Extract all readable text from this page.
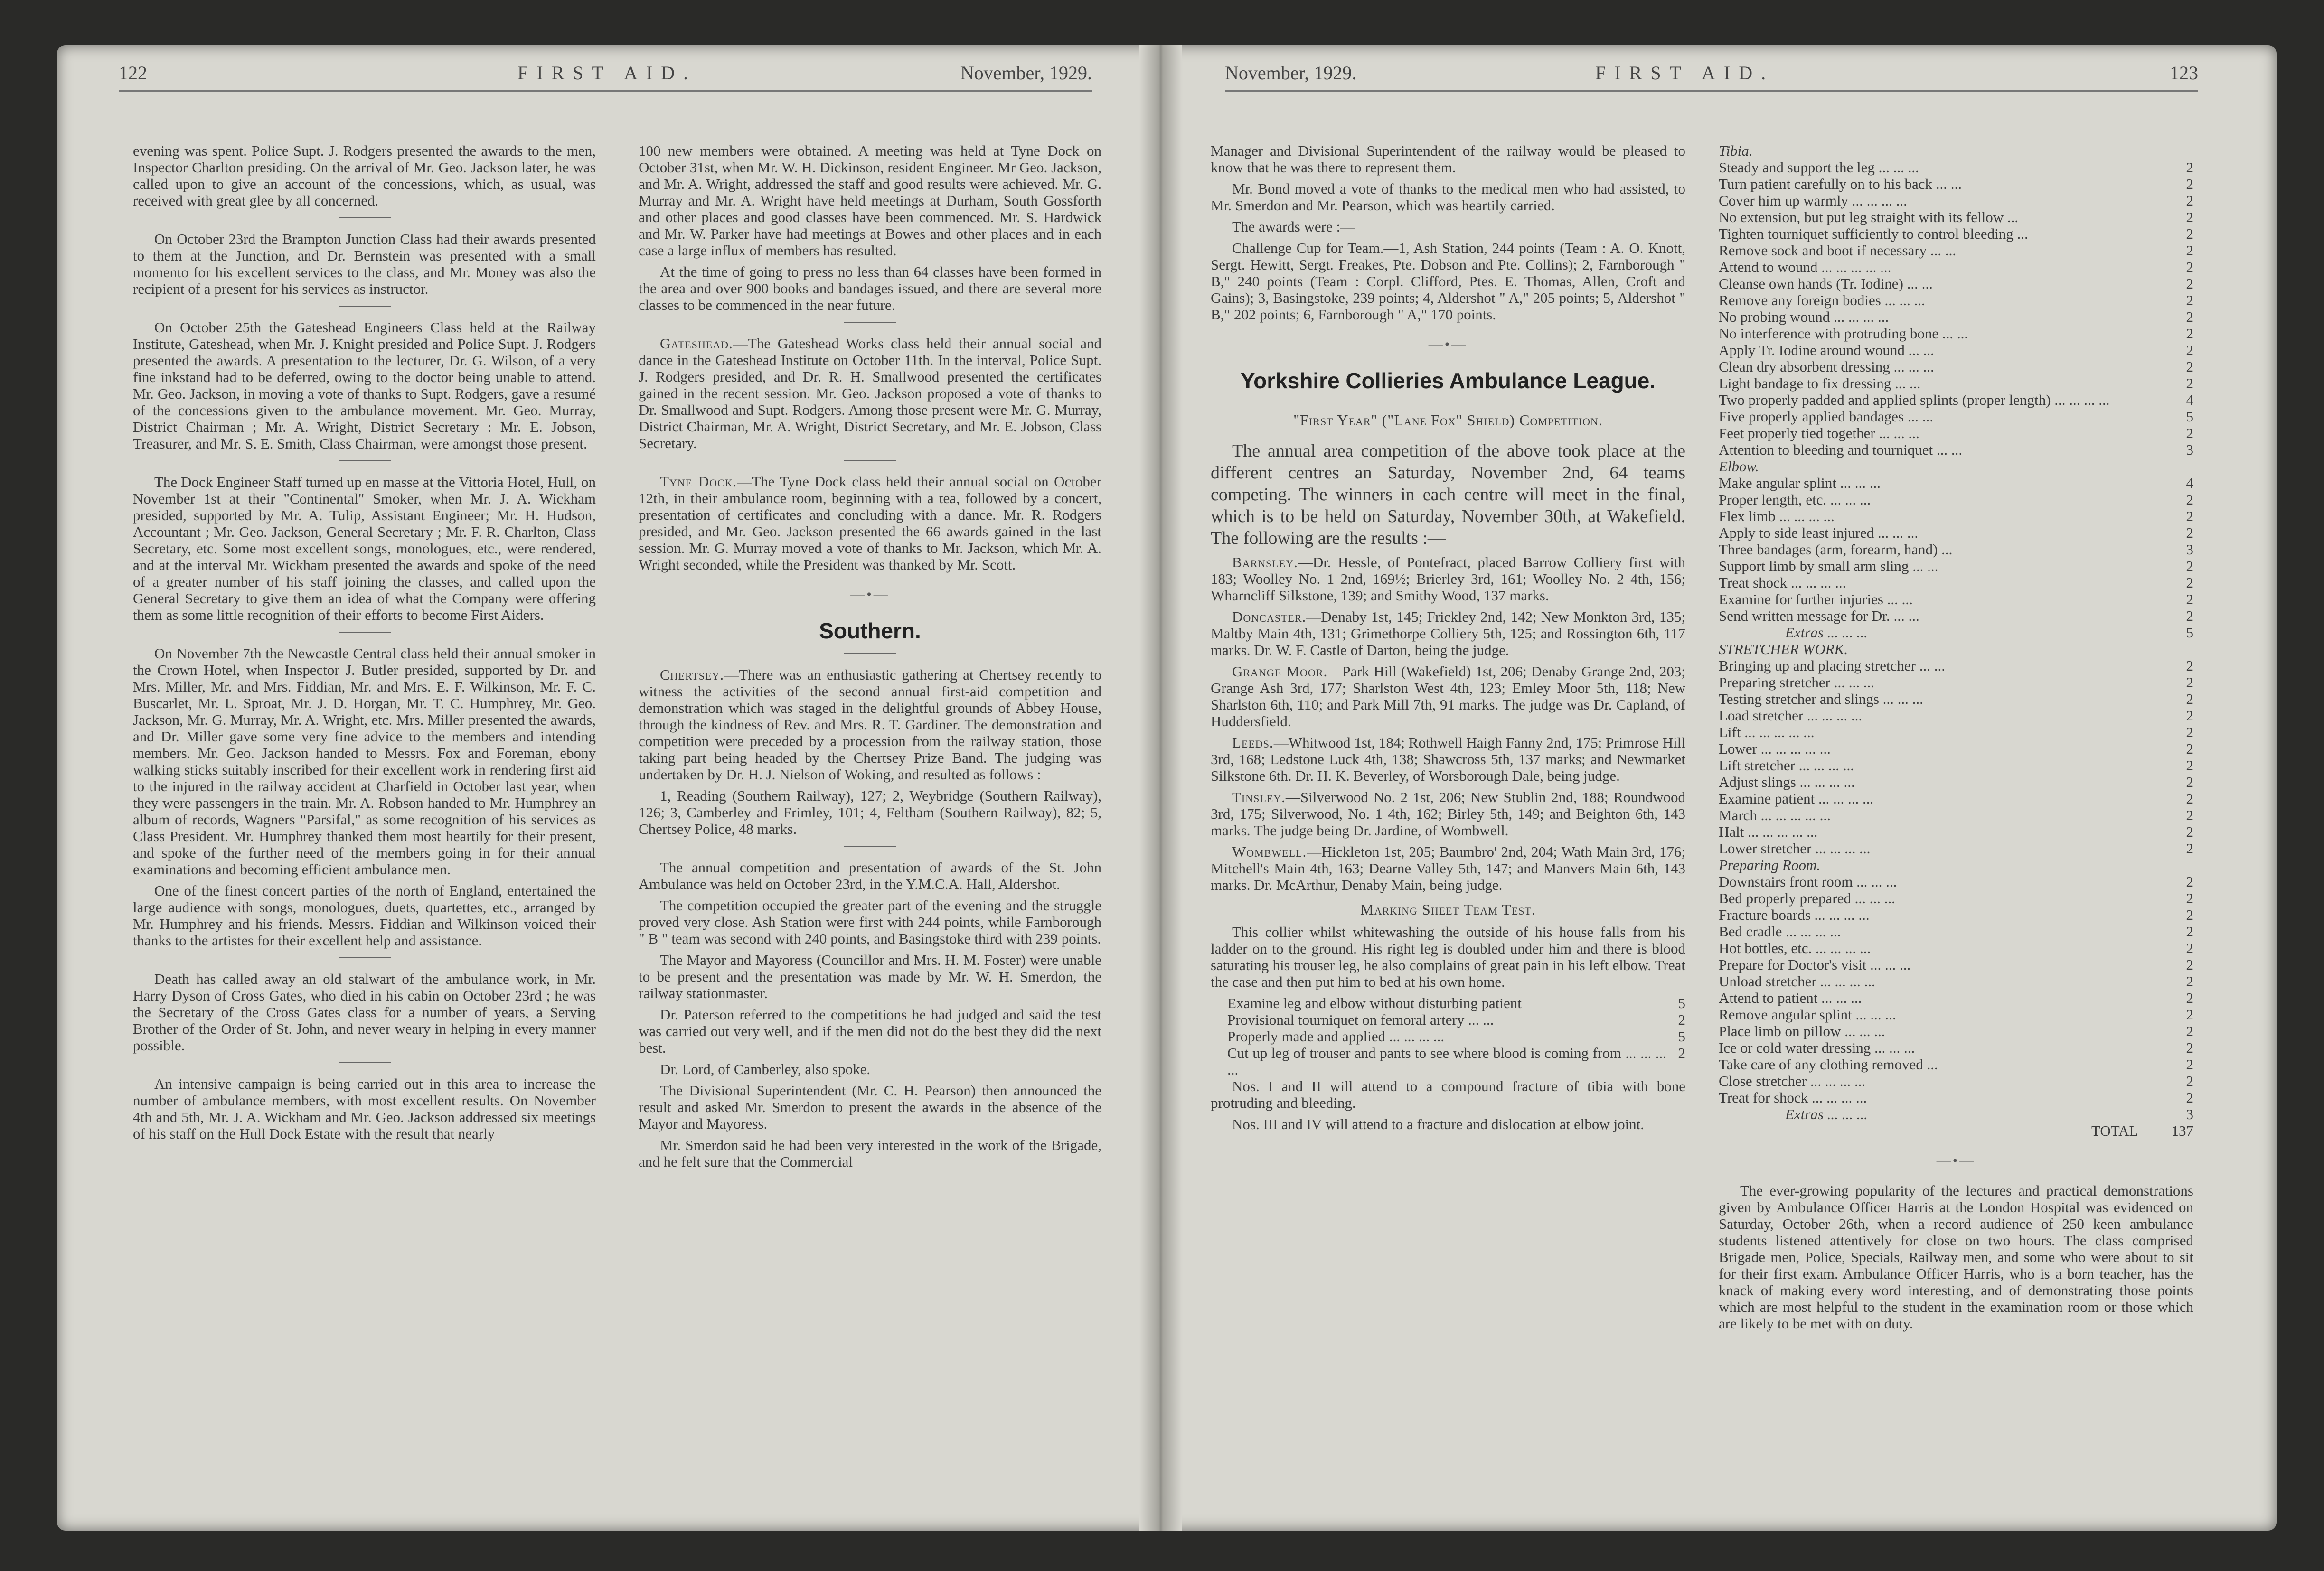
122	FIRST AID.	November, 1929.	November, 1929.	FIRST AID.	123

evening was spent. Police Supt. J. Rodgers presented the awards to the men, Inspector Charlton presiding. On the arrival of Mr. Geo. Jackson later, he was called upon to give an account of the concessions, which, as usual, was received with great glee by all concerned.

On October 23rd the Brampton Junction Class had their awards presented to them at the Junction, and Dr. Bernstein was presented with a small momento for his excellent services to the class, and Mr. Money was also the recipient of a present for his services as instructor.

On October 25th the Gateshead Engineers Class held at the Railway Institute, Gateshead, when Mr. J. Knight presided and Police Supt. J. Rodgers presented the awards. A presentation to the lecturer, Dr. G. Wilson, of a very fine inkstand had to be deferred, owing to the doctor being unable to attend. Mr. Geo. Jackson, in moving a vote of thanks to Supt. Rodgers, gave a resumé of the concessions given to the ambulance movement. Mr. Geo. Murray, District Chairman ; Mr. A. Wright, District Secretary : Mr. E. Jobson, Treasurer, and Mr. S. E. Smith, Class Chairman, were amongst those present.

The Dock Engineer Staff turned up en masse at the Vittoria Hotel, Hull, on November 1st at their "Continental" Smoker, when Mr. J. A. Wickham presided, supported by Mr. A. Tulip, Assistant Engineer; Mr. H. Hudson, Accountant ; Mr. Geo. Jackson, General Secretary ; Mr. F. R. Charlton, Class Secretary, etc. Some most excellent songs, monologues, etc., were rendered, and at the interval Mr. Wickham presented the awards and spoke of the need of a greater number of his staff joining the classes, and called upon the General Secretary to give them an idea of what the Company were offering them as some little recognition of their efforts to become First Aiders.

On November 7th the Newcastle Central class held their annual smoker in the Crown Hotel, when Inspector J. Butler presided, supported by Dr. and Mrs. Miller, Mr. and Mrs. Fiddian, Mr. and Mrs. E. F. Wilkinson, Mr. F. C. Buscarlet, Mr. L. Sproat, Mr. J. D. Horgan, Mr. T. C. Humphrey, Mr. Geo. Jackson, Mr. G. Murray, Mr. A. Wright, etc. Mrs. Miller presented the awards, and Dr. Miller gave some very fine advice to the members and intending members. Mr. Geo. Jackson handed to Messrs. Fox and Foreman, ebony walking sticks suitably inscribed for their excellent work in rendering first aid to the injured in the railway accident at Charfield in October last year, when they were passengers in the train. Mr. A. Robson handed to Mr. Humphrey an album of records, Wagners "Parsifal," as some recognition of his services as Class President. Mr. Humphrey thanked them most heartily for their present, and spoke of the further need of the members going in for their annual examinations and becoming efficient ambulance men.

One of the finest concert parties of the north of England, entertained the large audience with songs, monologues, duets, quartettes, etc., arranged by Mr. Humphrey and his friends. Messrs. Fiddian and Wilkinson voiced their thanks to the artistes for their excellent help and assistance.

Death has called away an old stalwart of the ambulance work, in Mr. Harry Dyson of Cross Gates, who died in his cabin on October 23rd ; he was the Secretary of the Cross Gates class for a number of years, a Serving Brother of the Order of St. John, and never weary in helping in every manner possible.

An intensive campaign is being carried out in this area to increase the number of ambulance members, with most excellent results. On November 4th and 5th, Mr. J. A. Wickham and Mr. Geo. Jackson addressed six meetings of his staff on the Hull Dock Estate with the result that nearly

100 new members were obtained. A meeting was held at Tyne Dock on October 31st, when Mr. W. H. Dickinson, resident Engineer. Mr Geo. Jackson, and Mr. A. Wright, addressed the staff and good results were achieved. Mr. G. Murray and Mr. A. Wright have held meetings at Durham, South Gossforth and other places and good classes have been commenced. Mr. S. Hardwick and Mr. W. Parker have had meetings at Bowes and other places and in each case a large influx of members has resulted.

At the time of going to press no less than 64 classes have been formed in the area and over 900 books and bandages issued, and there are several more classes to be commenced in the near future.

Gateshead.—The Gateshead Works class held their annual social and dance in the Gateshead Institute on October 11th. In the interval, Police Supt. J. Rodgers presided, and Dr. R. H. Smallwood presented the certificates gained in the recent session. Mr. Geo. Jackson proposed a vote of thanks to Dr. Smallwood and Supt. Rodgers. Among those present were Mr. G. Murray, District Chairman, Mr. A. Wright, District Secretary, and Mr. E. Jobson, Class Secretary.

Tyne Dock.—The Tyne Dock class held their annual social on October 12th, in their ambulance room, beginning with a tea, followed by a concert, presentation of certificates and concluding with a dance. Mr. R. Rodgers presided, and Mr. Geo. Jackson presented the 66 awards gained in the last session. Mr. G. Murray moved a vote of thanks to Mr. Jackson, which Mr. A. Wright seconded, while the President was thanked by Mr. Scott.

—•—
Southern.

Chertsey.—There was an enthusiastic gathering at Chertsey recently to witness the activities of the second annual first-aid competition and demonstration which was staged in the delightful grounds of Abbey House, through the kindness of Rev. and Mrs. R. T. Gardiner. The demonstration and competition were preceded by a procession from the railway station, those taking part being headed by the Chertsey Prize Band. The judging was undertaken by Dr. H. J. Nielson of Woking, and resulted as follows :—

1, Reading (Southern Railway), 127; 2, Weybridge (Southern Railway), 126; 3, Camberley and Frimley, 101; 4, Feltham (Southern Railway), 82; 5, Chertsey Police, 48 marks.

The annual competition and presentation of awards of the St. John Ambulance was held on October 23rd, in the Y.M.C.A. Hall, Aldershot.

The competition occupied the greater part of the evening and the struggle proved very close. Ash Station were first with 244 points, while Farnborough " B " team was second with 240 points, and Basingstoke third with 239 points.

The Mayor and Mayoress (Councillor and Mrs. H. M. Foster) were unable to be present and the presentation was made by Mr. W. H. Smerdon, the railway stationmaster.

Dr. Paterson referred to the competitions he had judged and said the test was carried out very well, and if the men did not do the best they did the next best.

Dr. Lord, of Camberley, also spoke.

The Divisional Superintendent (Mr. C. H. Pearson) then announced the result and asked Mr. Smerdon to present the awards in the absence of the Mayor and Mayoress.

Mr. Smerdon said he had been very interested in the work of the Brigade, and he felt sure that the Commercial

Manager and Divisional Superintendent of the railway would be pleased to know that he was there to represent them.

Mr. Bond moved a vote of thanks to the medical men who had assisted, to Mr. Smerdon and Mr. Pearson, which was heartily carried.

The awards were :—

Challenge Cup for Team.—1, Ash Station, 244 points (Team : A. O. Knott, Sergt. Hewitt, Sergt. Freakes, Pte. Dobson and Pte. Collins); 2, Farnborough " B," 240 points (Team : Corpl. Clifford, Ptes. E. Thomas, Allen, Croft and Gains); 3, Basingstoke, 239 points; 4, Aldershot " A," 205 points; 5, Aldershot " B," 202 points; 6, Farnborough " A," 170 points.

—•—
Yorkshire Collieries Ambulance League.
"First Year" ("Lane Fox" Shield) Competition.

The annual area competition of the above took place at the different centres an Saturday, November 2nd, 64 teams competing. The winners in each centre will meet in the final, which is to be held on Saturday, November 30th, at Wakefield. The following are the results :—

Barnsley.—Dr. Hessle, of Pontefract, placed Barrow Colliery first with 183; Woolley No. 1 2nd, 169½; Brierley 3rd, 161; Woolley No. 2 4th, 156; Wharncliff Silkstone, 139; and Smithy Wood, 137 marks.

Doncaster.—Denaby 1st, 145; Frickley 2nd, 142; New Monkton 3rd, 135; Maltby Main 4th, 131; Grimethorpe Colliery 5th, 125; and Rossington 6th, 117 marks. Dr. W. F. Castle of Darton, being the judge.

Grange Moor.—Park Hill (Wakefield) 1st, 206; Denaby Grange 2nd, 203; Grange Ash 3rd, 177; Sharlston West 4th, 123; Emley Moor 5th, 118; New Sharlston 6th, 110; and Park Mill 7th, 91 marks. The judge was Dr. Capland, of Huddersfield.

Leeds.—Whitwood 1st, 184; Rothwell Haigh Fanny 2nd, 175; Primrose Hill 3rd, 168; Ledstone Luck 4th, 138; Shawcross 5th, 137 marks; and Newmarket Silkstone 6th. Dr. H. K. Beverley, of Worsborough Dale, being judge.

Tinsley.—Silverwood No. 2 1st, 206; New Stublin 2nd, 188; Roundwood 3rd, 175; Silverwood, No. 1 4th, 162; Birley 5th, 149; and Beighton 6th, 143 marks. The judge being Dr. Jardine, of Wombwell.

Wombwell.—Hickleton 1st, 205; Baumbro' 2nd, 204; Wath Main 3rd, 176; Mitchell's Main 4th, 163; Dearne Valley 5th, 147; and Manvers Main 6th, 143 marks. Dr. McArthur, Denaby Main, being judge.

Marking Sheet Team Test.

This collier whilst whitewashing the outside of his house falls from his ladder on to the ground. His right leg is doubled under him and there is blood saturating his trouser leg, he also complains of great pain in his left elbow. Treat the case and then put him to bed at his own home.

Examine leg and elbow without disturbing patient	5
Provisional tourniquet on femoral artery ... ...	2
Properly made and applied ... ... ... ...	5
Cut up leg of trouser and pants to see where blood is coming from ... ... ... ...
2

Nos. I and II will attend to a compound fracture of tibia with bone protruding and bleeding.

Nos. III and IV will attend to a fracture and dislocation at elbow joint.

Tibia.

Steady and support the leg ... ... ...	2
Turn patient carefully on to his back ... ...	2
Cover him up warmly ... ... ... ...	2
No extension, but put leg straight with its fellow ...	2
Tighten tourniquet sufficiently to control bleeding ...	2
Remove sock and boot if necessary ... ...	2
Attend to wound ... ... ... ... ...	2
Cleanse own hands (Tr. Iodine) ... ...	2
Remove any foreign bodies ... ... ...	2
No probing wound ... ... ... ...	2
No interference with protruding bone ... ...	2
Apply Tr. Iodine around wound ... ...	2
Clean dry absorbent dressing ... ... ...	2
Light bandage to fix dressing ... ...	2
Two properly padded and applied splints (proper length) ... ... ... ...	4
Five properly applied bandages ... ...	5
Feet properly tied together ... ... ...	2
Attention to bleeding and tourniquet ... ...	3

Elbow.

Make angular splint ... ... ...	4
Proper length, etc. ... ... ...	2
Flex limb ... ... ... ...	2
Apply to side least injured ... ... ...	2
Three bandages (arm, forearm, hand) ...	3
Support limb by small arm sling ... ...	2
Treat shock ... ... ... ...	2
Examine for further injuries ... ...	2
Send written message for Dr. ... ...	2
Extras ... ... ...	5

STRETCHER WORK.

Bringing up and placing stretcher ... ...	2
Preparing stretcher ... ... ...	2
Testing stretcher and slings ... ... ...	2
Load stretcher ... ... ... ...	2
Lift ... ... ... ... ...	2
Lower ... ... ... ... ...	2
Lift stretcher ... ... ... ...	2
Adjust slings ... ... ... ...	2
Examine patient ... ... ... ...	2
March ... ... ... ... ...	2
Halt ... ... ... ... ...	2
Lower stretcher ... ... ... ...	2

Preparing Room.

Downstairs front room ... ... ...	2
Bed properly prepared ... ... ...	2
Fracture boards ... ... ... ...	2
Bed cradle ... ... ... ...	2
Hot bottles, etc. ... ... ... ...	2
Prepare for Doctor's visit ... ... ...	2
Unload stretcher ... ... ... ...	2
Attend to patient ... ... ...	2
Remove angular splint ... ... ...	2
Place limb on pillow ... ... ...	2
Ice or cold water dressing ... ... ...	2
Take care of any clothing removed ...	2
Close stretcher ... ... ... ...	2
Treat for shock ... ... ... ...	2
Extras ... ... ...	3
TOTAL 137
—•—

The ever-growing popularity of the lectures and practical demonstrations given by Ambulance Officer Harris at the London Hospital was evidenced on Saturday, October 26th, when a record audience of 250 keen ambulance students listened attentively for close on two hours. The class comprised Brigade men, Police, Specials, Railway men, and some who were about to sit for their first exam. Ambulance Officer Harris, who is a born teacher, has the knack of making every word interesting, and of demonstrating those points which are most helpful to the student in the examination room or those which are likely to be met with on duty.
